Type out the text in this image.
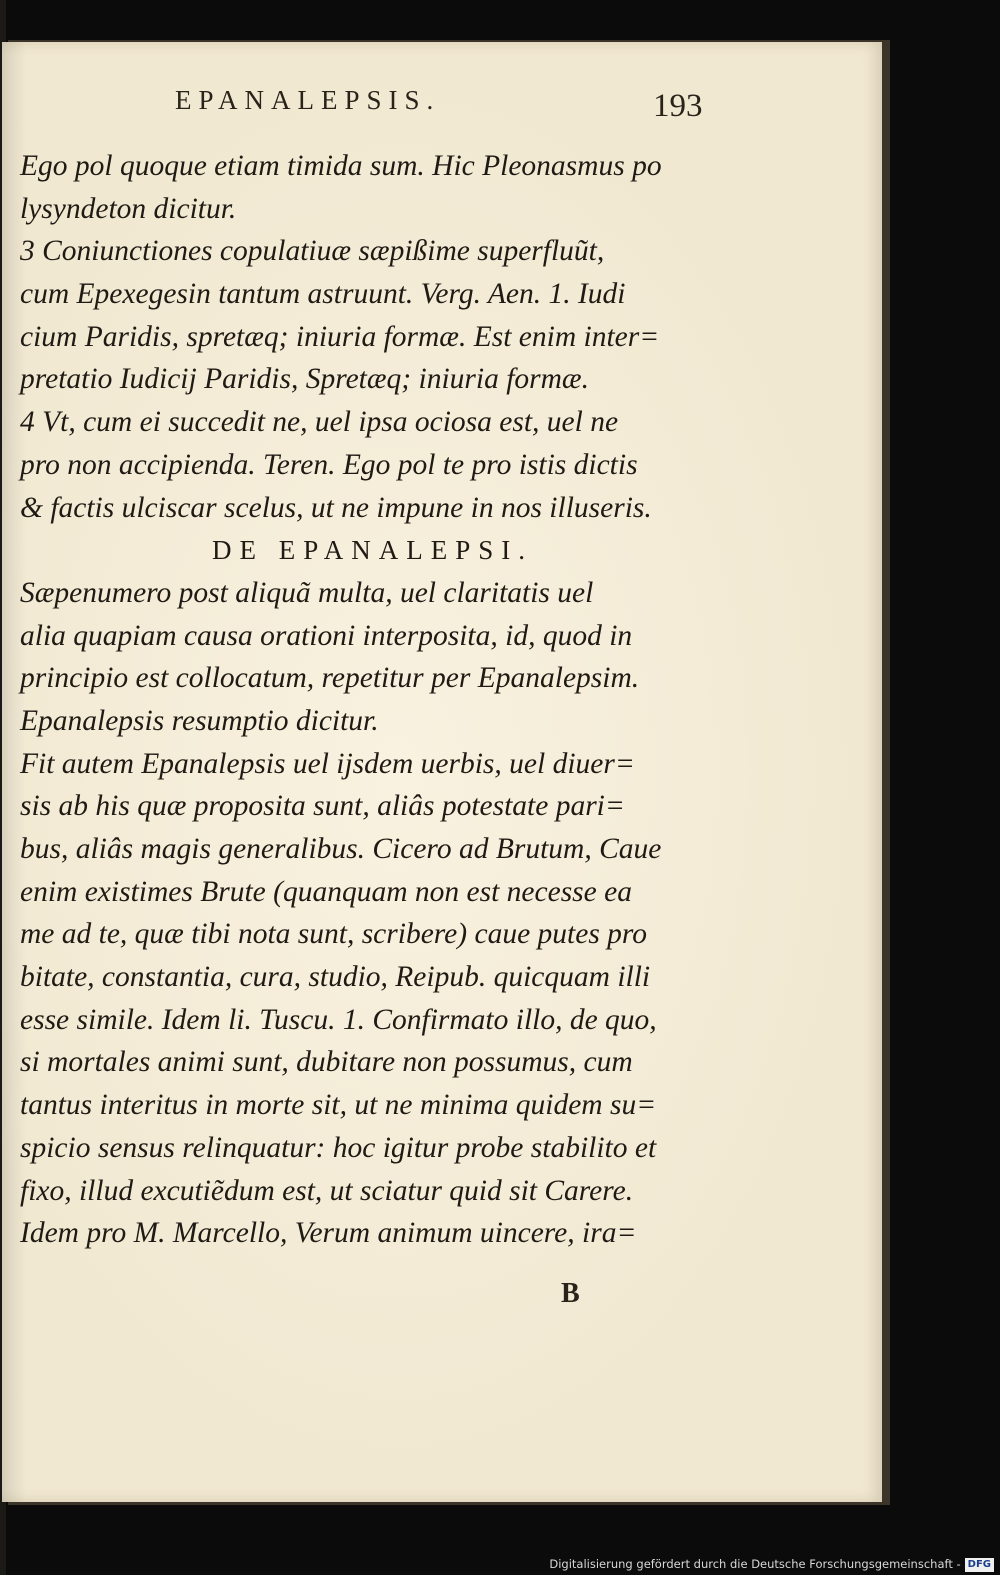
EPANALEPSIS.	193
Ego pol quoque etiam timida sum. Hic Pleonasmus po
lysyndeton dicitur.
3 Coniunctiones copulatiuæ sæpißime superfluũt,
cum Epexegesin tantum astruunt. Verg. Aen. 1. Iudi
cium Paridis, spretæq; iniuria formæ. Est enim inter=
pretatio Iudicij Paridis, Spretæq; iniuria formæ.
4 Vt, cum ei succedit ne, uel ipsa ociosa est, uel ne
pro non accipienda. Teren. Ego pol te pro istis dictis
& factis ulciscar scelus, ut ne impune in nos illuseris.
DE EPANALEPSI.
Sæpenumero post aliquã multa, uel claritatis uel
alia quapiam causa orationi interposita, id, quod in
principio est collocatum, repetitur per Epanalepsim.
Epanalepsis resumptio dicitur.
Fit autem Epanalepsis uel ijsdem uerbis, uel diuer=
sis ab his quæ proposita sunt, aliâs potestate pari=
bus, aliâs magis generalibus. Cicero ad Brutum, Caue
enim existimes Brute (quanquam non est necesse ea
me ad te, quæ tibi nota sunt, scribere) caue putes pro
bitate, constantia, cura, studio, Reipub. quicquam illi
esse simile. Idem li. Tuscu. 1. Confirmato illo, de quo,
si mortales animi sunt, dubitare non possumus, cum
tantus interitus in morte sit, ut ne minima quidem su=
spicio sensus relinquatur: hoc igitur probe stabilito et
fixo, illud excutiẽdum est, ut sciatur quid sit Carere.
Idem pro M. Marcello, Verum animum uincere, ira=
B
Digitalisierung gefördert durch die Deutsche Forschungsgemeinschaft - DFG
